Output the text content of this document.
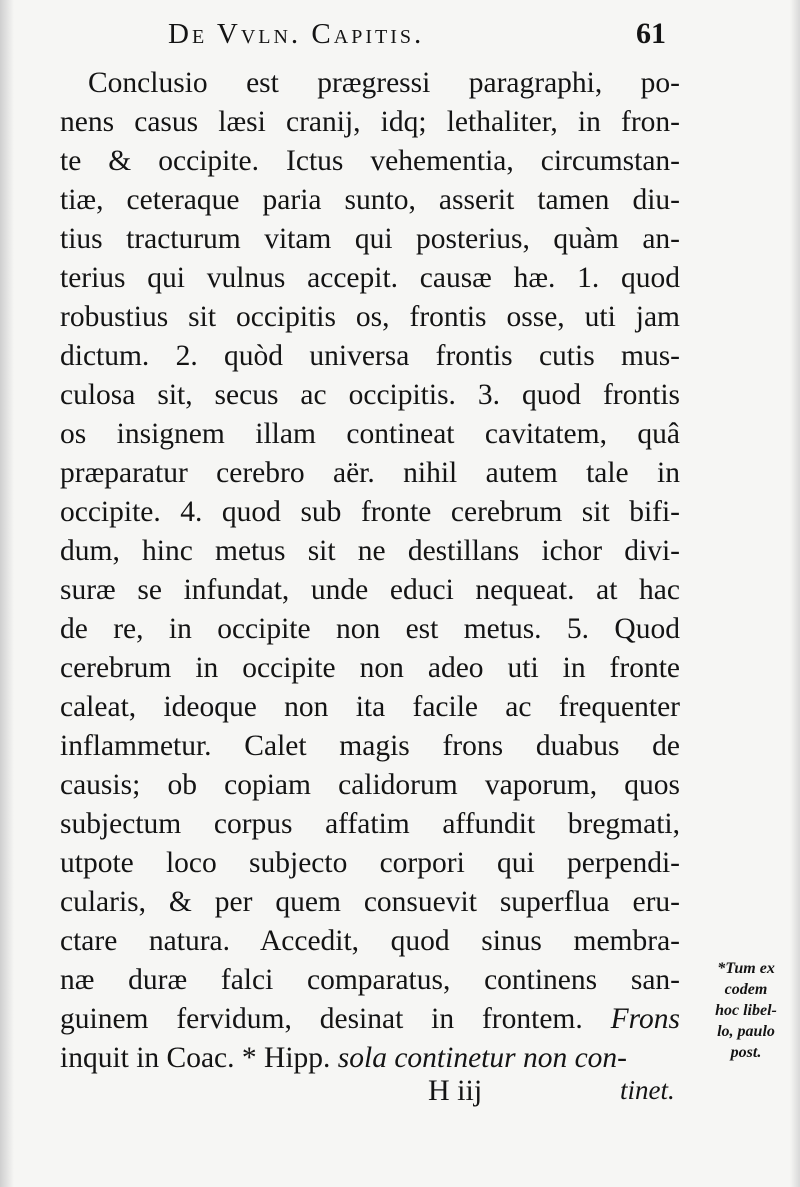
De Vvln. Capitis.	61
Conclusio est prægressi paragraphi, po-
nens casus læsi cranij, idq; lethaliter, in fron-
te & occipite. Ictus vehementia, circumstan-
tiæ, ceteraque paria sunto, asserit tamen diu-
tius tracturum vitam qui posterius, quàm an-
terius qui vulnus accepit. causæ hæ. 1. quod
robustius sit occipitis os, frontis osse, uti jam
dictum. 2. quòd universa frontis cutis mus-
culosa sit, secus ac occipitis. 3. quod frontis
os insignem illam contineat cavitatem, quâ
præparatur cerebro aër. nihil autem tale in
occipite. 4. quod sub fronte cerebrum sit bifi-
dum, hinc metus sit ne destillans ichor divi-
suræ se infundat, unde educi nequeat. at hac
de re, in occipite non est metus. 5. Quod
cerebrum in occipite non adeo uti in fronte
caleat, ideoque non ita facile ac frequenter
inflammetur. Calet magis frons duabus de
causis; ob copiam calidorum vaporum, quos
subjectum corpus affatim affundit bregmati,
utpote loco subjecto corpori qui perpendi-
cularis, & per quem consuevit superflua eru-
ctare natura. Accedit, quod sinus membra-
næ duræ falci comparatus, continens san-
guinem fervidum, desinat in frontem. Frons
inquit in Coac. * Hipp. sola continetur non con-
*Tum ex
codem
hoc libel-
lo, paulo
post.
H iij	tinet.
